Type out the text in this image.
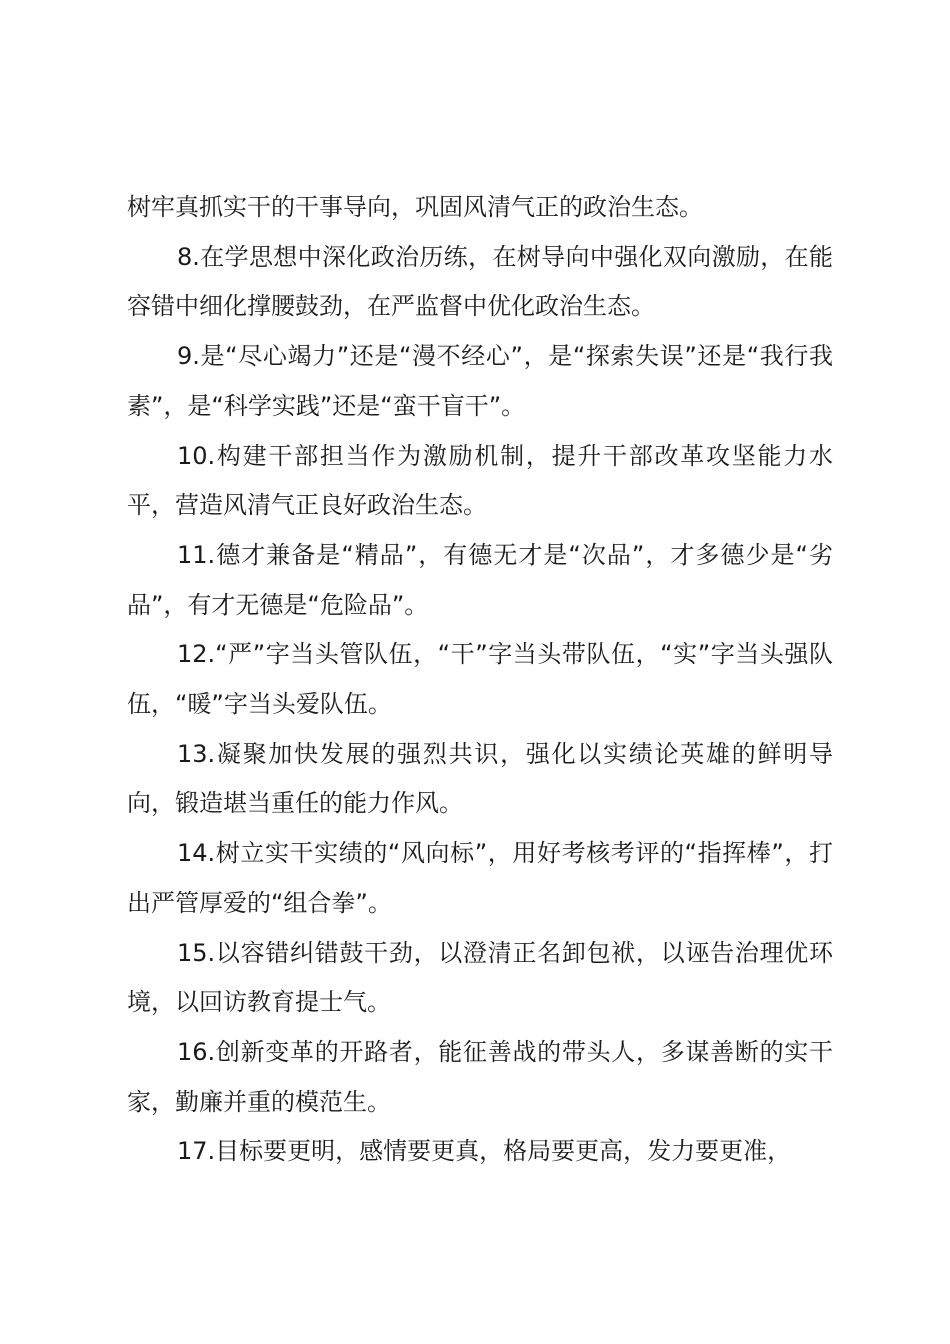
树牢真抓实干的干事导向，巩固风清气正的政治生态。

8.在学思想中深化政治历练，在树导向中强化双向激励，在能容错中细化撑腰鼓劲，在严监督中优化政治生态。

9.是“尽心竭力”还是“漫不经心”，是“探索失误”还是“我行我素”，是“科学实践”还是“蛮干盲干”。

10.构建干部担当作为激励机制，提升干部改革攻坚能力水平，营造风清气正良好政治生态。

11.德才兼备是“精品”，有德无才是“次品”，才多德少是“劣品”，有才无德是“危险品”。

12.“严”字当头管队伍，“干”字当头带队伍，“实”字当头强队伍，“暖”字当头爱队伍。

13.凝聚加快发展的强烈共识，强化以实绩论英雄的鲜明导向，锻造堪当重任的能力作风。

14.树立实干实绩的“风向标”，用好考核考评的“指挥棒”，打出严管厚爱的“组合拳”。

15.以容错纠错鼓干劲，以澄清正名卸包袱，以诬告治理优环境，以回访教育提士气。

16.创新变革的开路者，能征善战的带头人，多谋善断的实干家，勤廉并重的模范生。

17.目标要更明，感情要更真，格局要更高，发力要更准，
